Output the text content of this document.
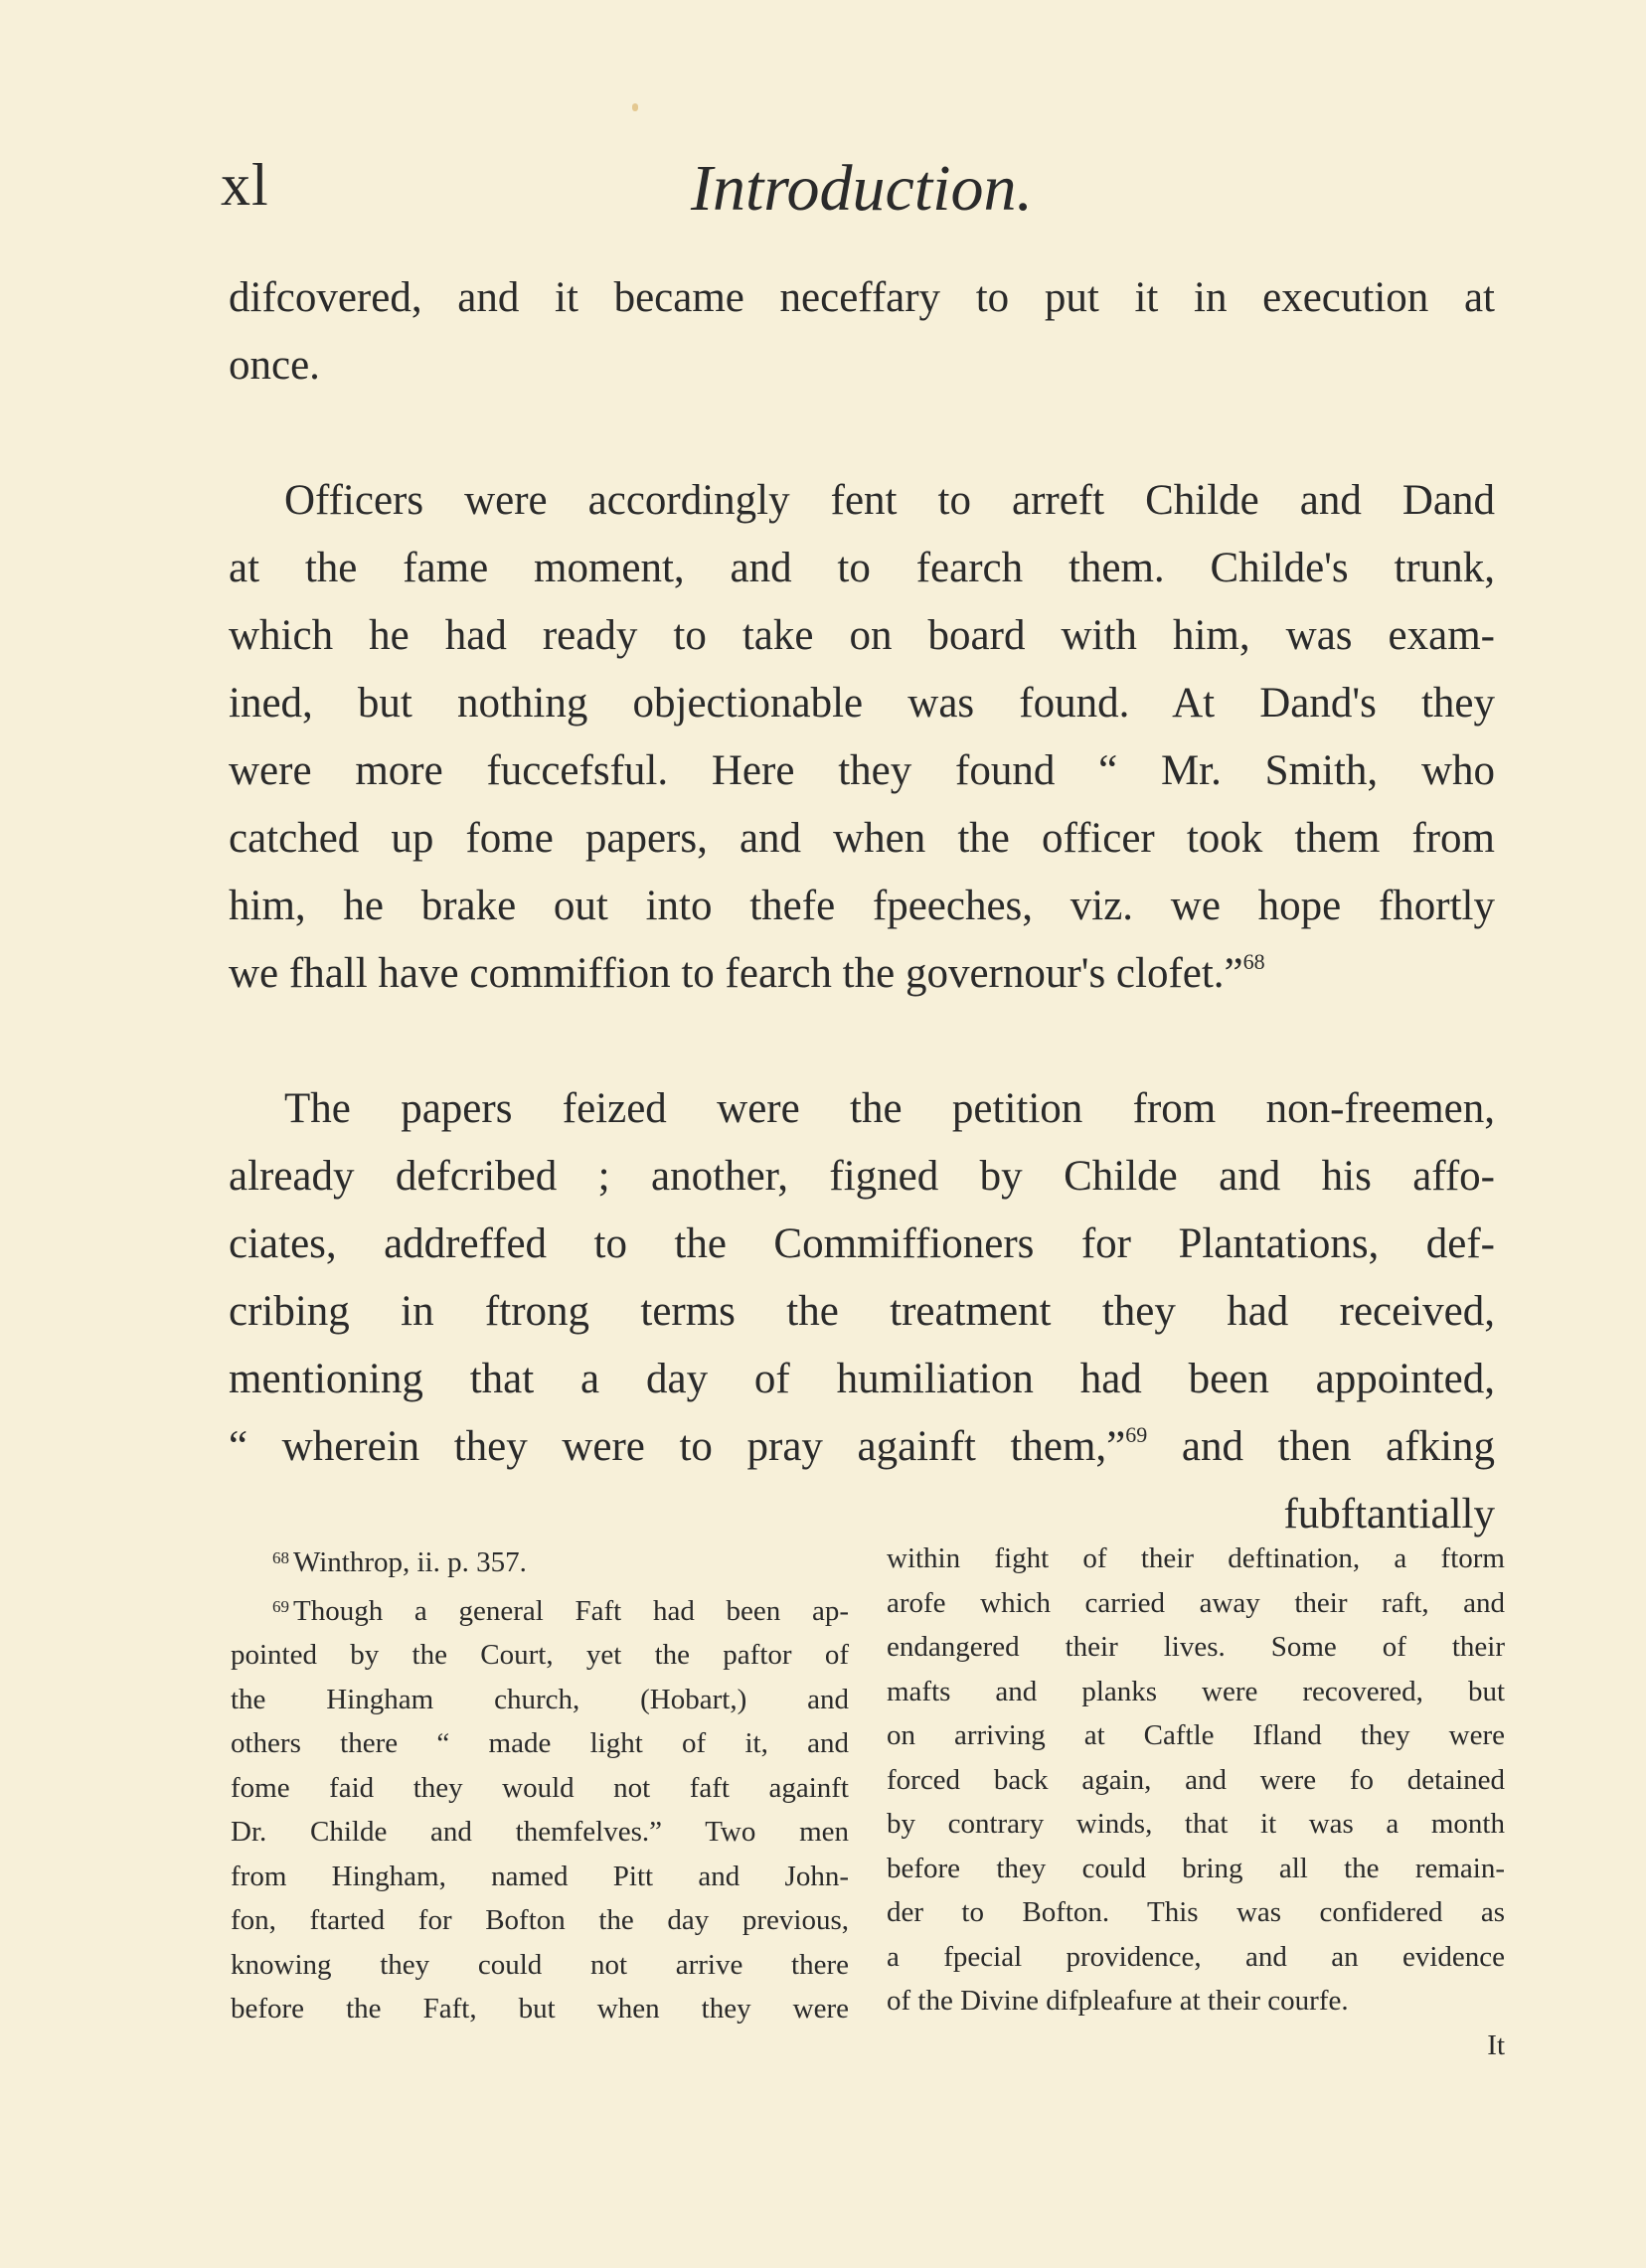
Introduction.
xl

difcovered, and it became neceffary to put it in execution at
once.

Officers were accordingly fent to arreft Childe and Dand
at the fame moment, and to fearch them. Childe's trunk,
which he had ready to take on board with him, was exam-
ined, but nothing objectionable was found. At Dand's they
were more fuccefsful. Here they found “ Mr. Smith, who
catched up fome papers, and when the officer took them from
him, he brake out into thefe fpeeches, viz. we hope fhortly
we fhall have commiffion to fearch the governour's clofet.”$^{68}$

The papers feized were the petition from non-freemen,
already defcribed ; another, figned by Childe and his affo-
ciates, addreffed to the Commiffioners for Plantations, def-
cribing in ftrong terms the treatment they had received,
mentioning that a day of humiliation had been appointed,
“ wherein they were to pray againft them,”$^{69}$ and then afking
fubftantially

$^{68}$ Winthrop, ii. p. 357.
$^{69}$ Though a general Faft had been ap-
pointed by the Court, yet the paftor of
the Hingham church, (Hobart,) and
others there “ made light of it, and
fome faid they would not faft againft
Dr. Childe and themfelves.” Two men
from Hingham, named Pitt and John-
fon, ftarted for Bofton the day previous,
knowing they could not arrive there
before the Faft, but when they were
within fight of their deftination, a ftorm
arofe which carried away their raft, and
endangered their lives. Some of their
mafts and planks were recovered, but
on arriving at Caftle Ifland they were
forced back again, and were fo detained
by contrary winds, that it was a month
before they could bring all the remain-
der to Bofton. This was confidered as
a fpecial providence, and an evidence
of the Divine difpleafure at their courfe.
It
